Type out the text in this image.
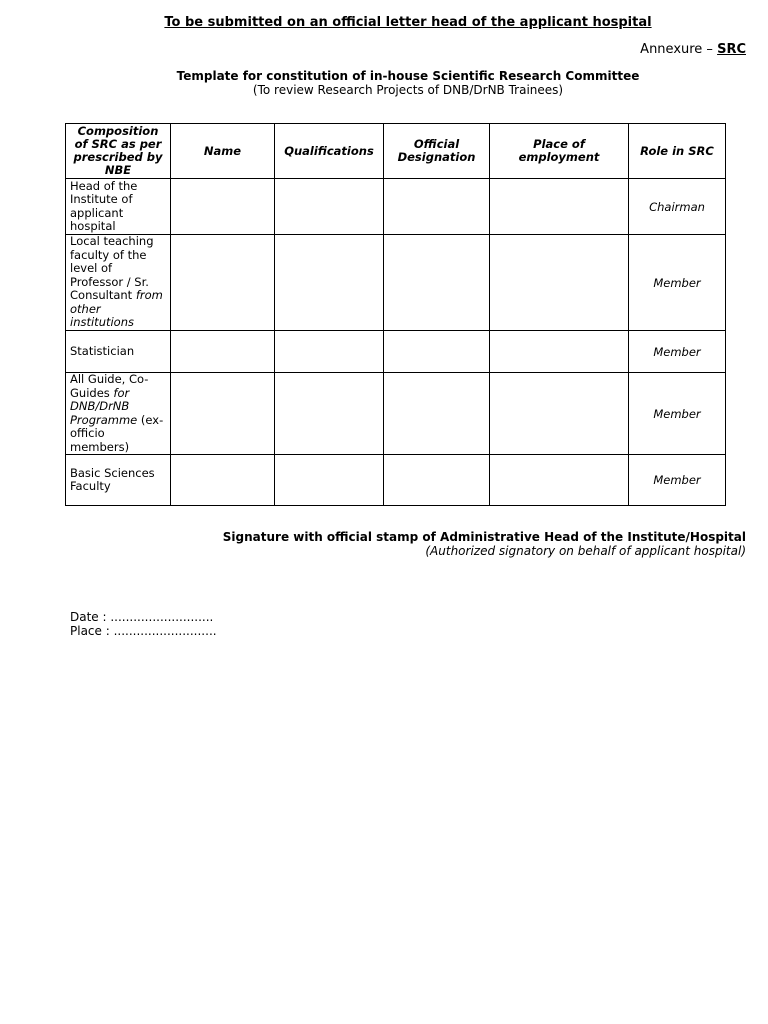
To be submitted on an official letter head of the applicant hospital
Annexure – SRC
Template for constitution of in-house Scientific Research Committee
(To review Research Projects of DNB/DrNB Trainees)
Composition of SRC as per prescribed by NBE	Name	Qualifications	Official Designation	Place of employment	Role in SRC
Head of the Institute of applicant hospital					Chairman
Local teaching faculty of the level of Professor / Sr. Consultant from other institutions					Member
Statistician					Member
All Guide, Co-Guides for DNB/DrNB Programme (ex-officio members)					Member
Basic Sciences Faculty					Member
Signature with official stamp of Administrative Head of the Institute/Hospital
(Authorized signatory on behalf of applicant hospital)
Date : ...........................
Place : ...........................
